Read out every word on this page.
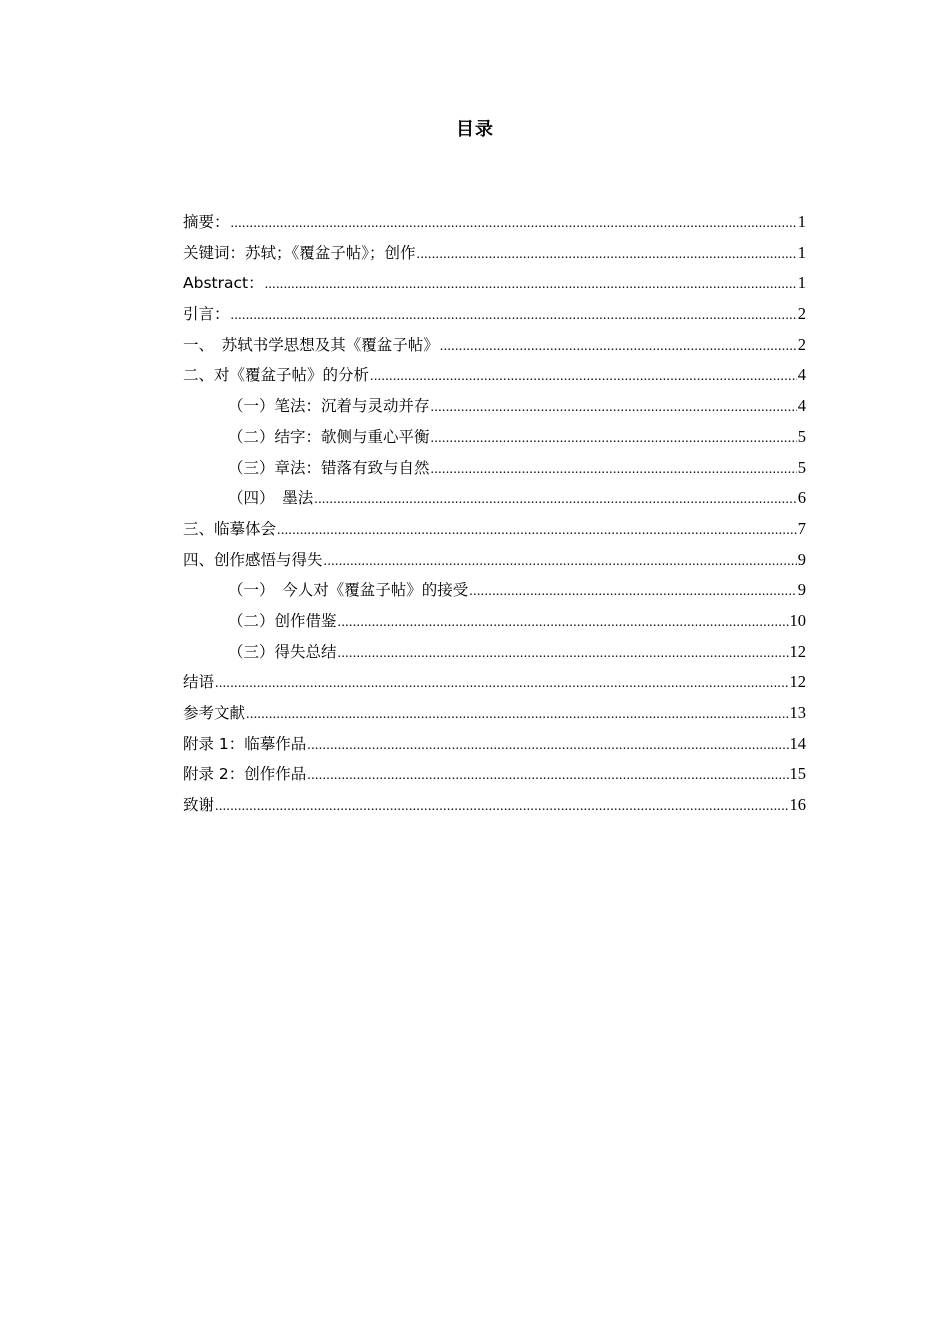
目录
摘要： .....	1
关键词：苏轼；《覆盆子帖》；创作 .....	1
Abstract： .....	1
引言： .....	2
一、　苏轼书学思想及其《覆盆子帖》 .....	2
二、对《覆盆子帖》的分析 .....	4
（一）笔法：沉着与灵动并存 .....	4
（二）结字：欹侧与重心平衡 .....	5
（三）章法：错落有致与自然 .....	5
（四）　墨法 .....	6
三、临摹体会 .....	7
四、创作感悟与得失 .....	9
（一）　今人对《覆盆子帖》的接受 .....	9
（二）创作借鉴 .....	10
（三）得失总结 .....	12
结语 .....	12
参考文献 .....	13
附录 1：临摹作品 .....	14
附录 2：创作作品 .....	15
致谢 .....	16
